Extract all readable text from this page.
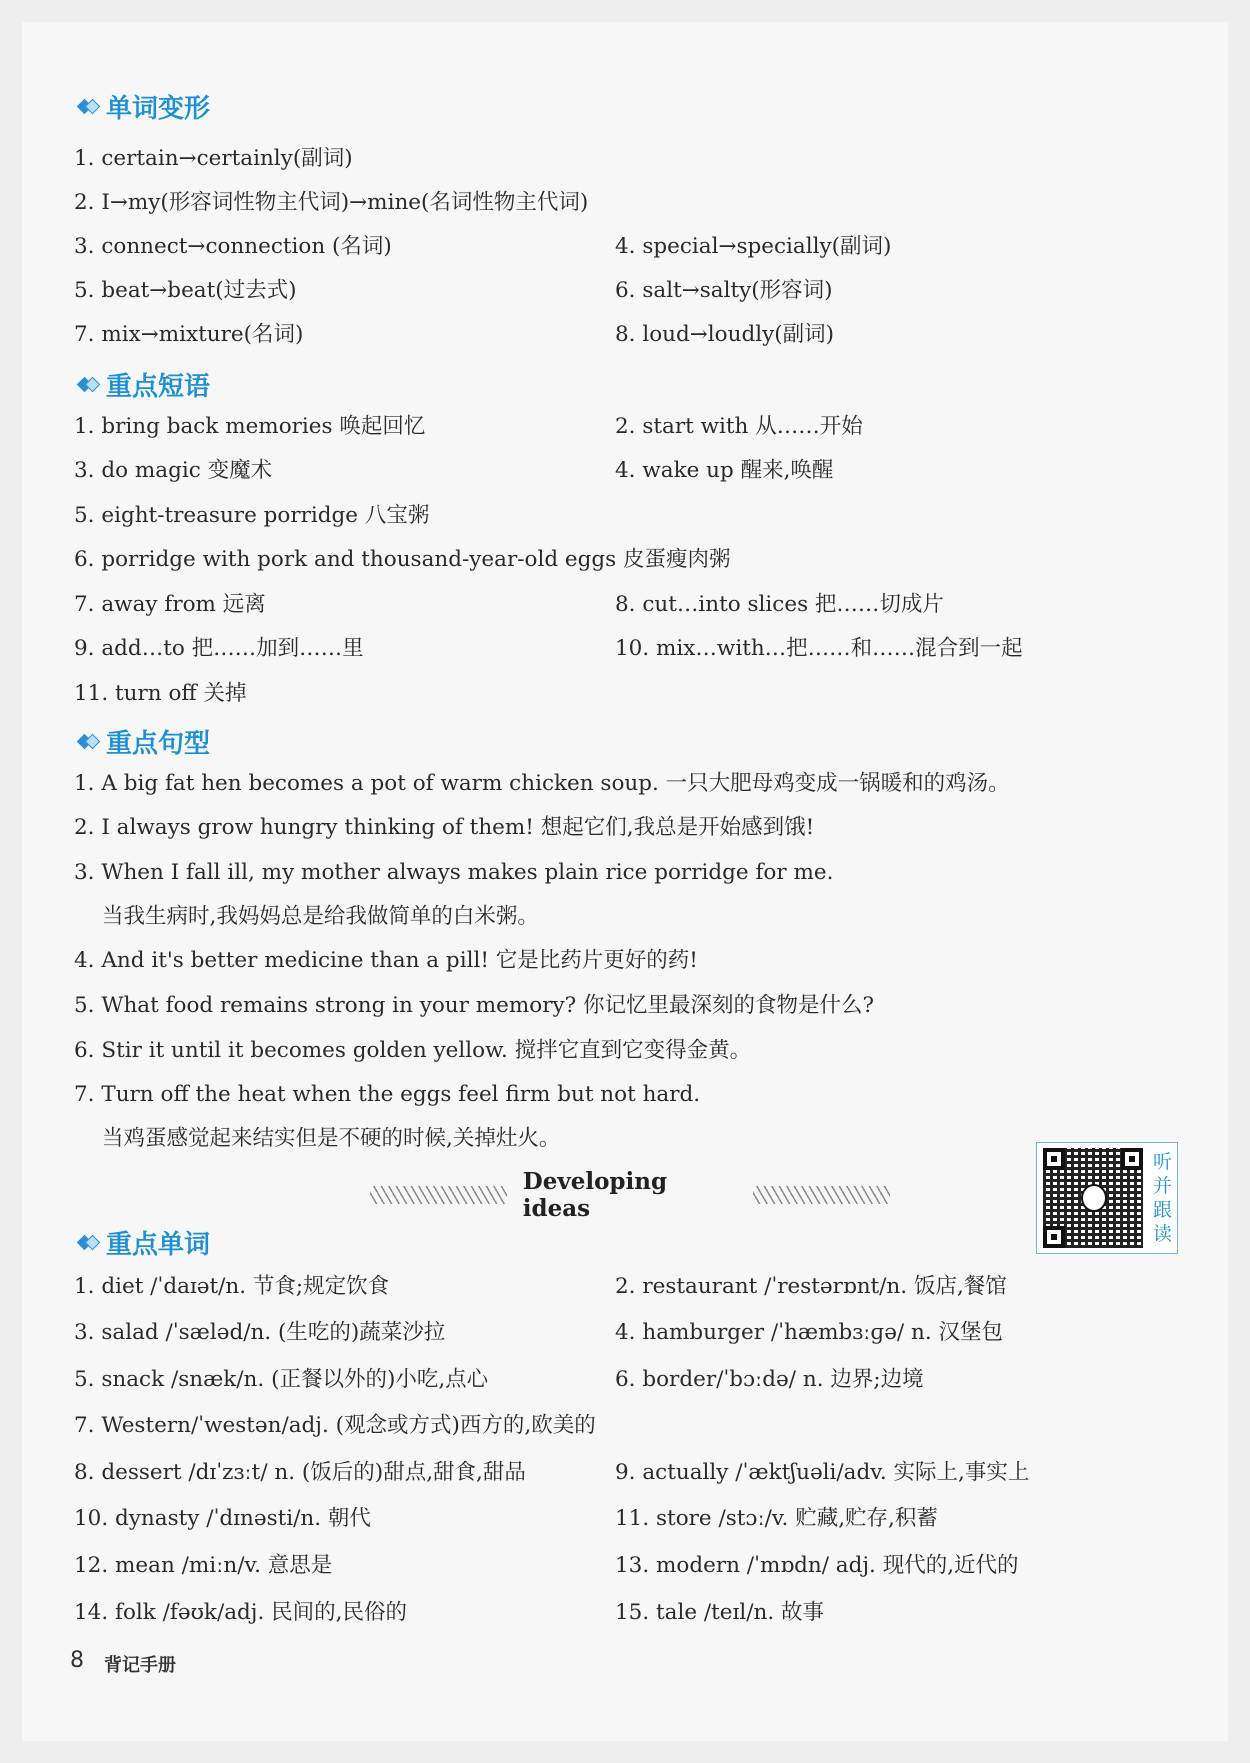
单词变形
1. certain→certainly(副词)
2. I→my(形容词性物主代词)→mine(名词性物主代词)
3. connect→connection (名词)	4. special→specially(副词)
5. beat→beat(过去式)	6. salt→salty(形容词)
7. mix→mixture(名词)	8. loud→loudly(副词)
重点短语
1. bring back memories 唤起回忆	2. start with 从……开始
3. do magic 变魔术	4. wake up 醒来,唤醒
5. eight-treasure porridge 八宝粥
6. porridge with pork and thousand-year-old eggs 皮蛋瘦肉粥
7. away from 远离	8. cut…into slices 把……切成片
9. add…to 把……加到……里	10. mix…with…把……和……混合到一起
11. turn off 关掉
重点句型
1. A big fat hen becomes a pot of warm chicken soup. 一只大肥母鸡变成一锅暖和的鸡汤。
2. I always grow hungry thinking of them! 想起它们,我总是开始感到饿!
3. When I fall ill, my mother always makes plain rice porridge for me.
当我生病时,我妈妈总是给我做简单的白米粥。
4. And it's better medicine than a pill! 它是比药片更好的药!
5. What food remains strong in your memory? 你记忆里最深刻的食物是什么?
6. Stir it until it becomes golden yellow. 搅拌它直到它变得金黄。
7. Turn off the heat when the eggs feel firm but not hard.
当鸡蛋感觉起来结实但是不硬的时候,关掉灶火。
Developing ideas
听
并
跟
读
重点单词
1. diet /ˈdaɪət/n. 节食;规定饮食	2. restaurant /ˈrestərɒnt/n. 饭店,餐馆
3. salad /ˈsæləd/n. (生吃的)蔬菜沙拉	4. hamburger /ˈhæmbɜːɡə/ n. 汉堡包
5. snack /snæk/n. (正餐以外的)小吃,点心	6. border/ˈbɔːdə/ n. 边界;边境
7. Western/ˈwestən/adj. (观念或方式)西方的,欧美的
8. dessert /dɪˈzɜːt/ n. (饭后的)甜点,甜食,甜品	9. actually /ˈæktʃuəli/adv. 实际上,事实上
10. dynasty /ˈdɪnəsti/n. 朝代	11. store /stɔː/v. 贮藏,贮存,积蓄
12. mean /miːn/v. 意思是	13. modern /ˈmɒdn/ adj. 现代的,近代的
14. folk /fəʊk/adj. 民间的,民俗的	15. tale /teɪl/n. 故事
8 背记手册
